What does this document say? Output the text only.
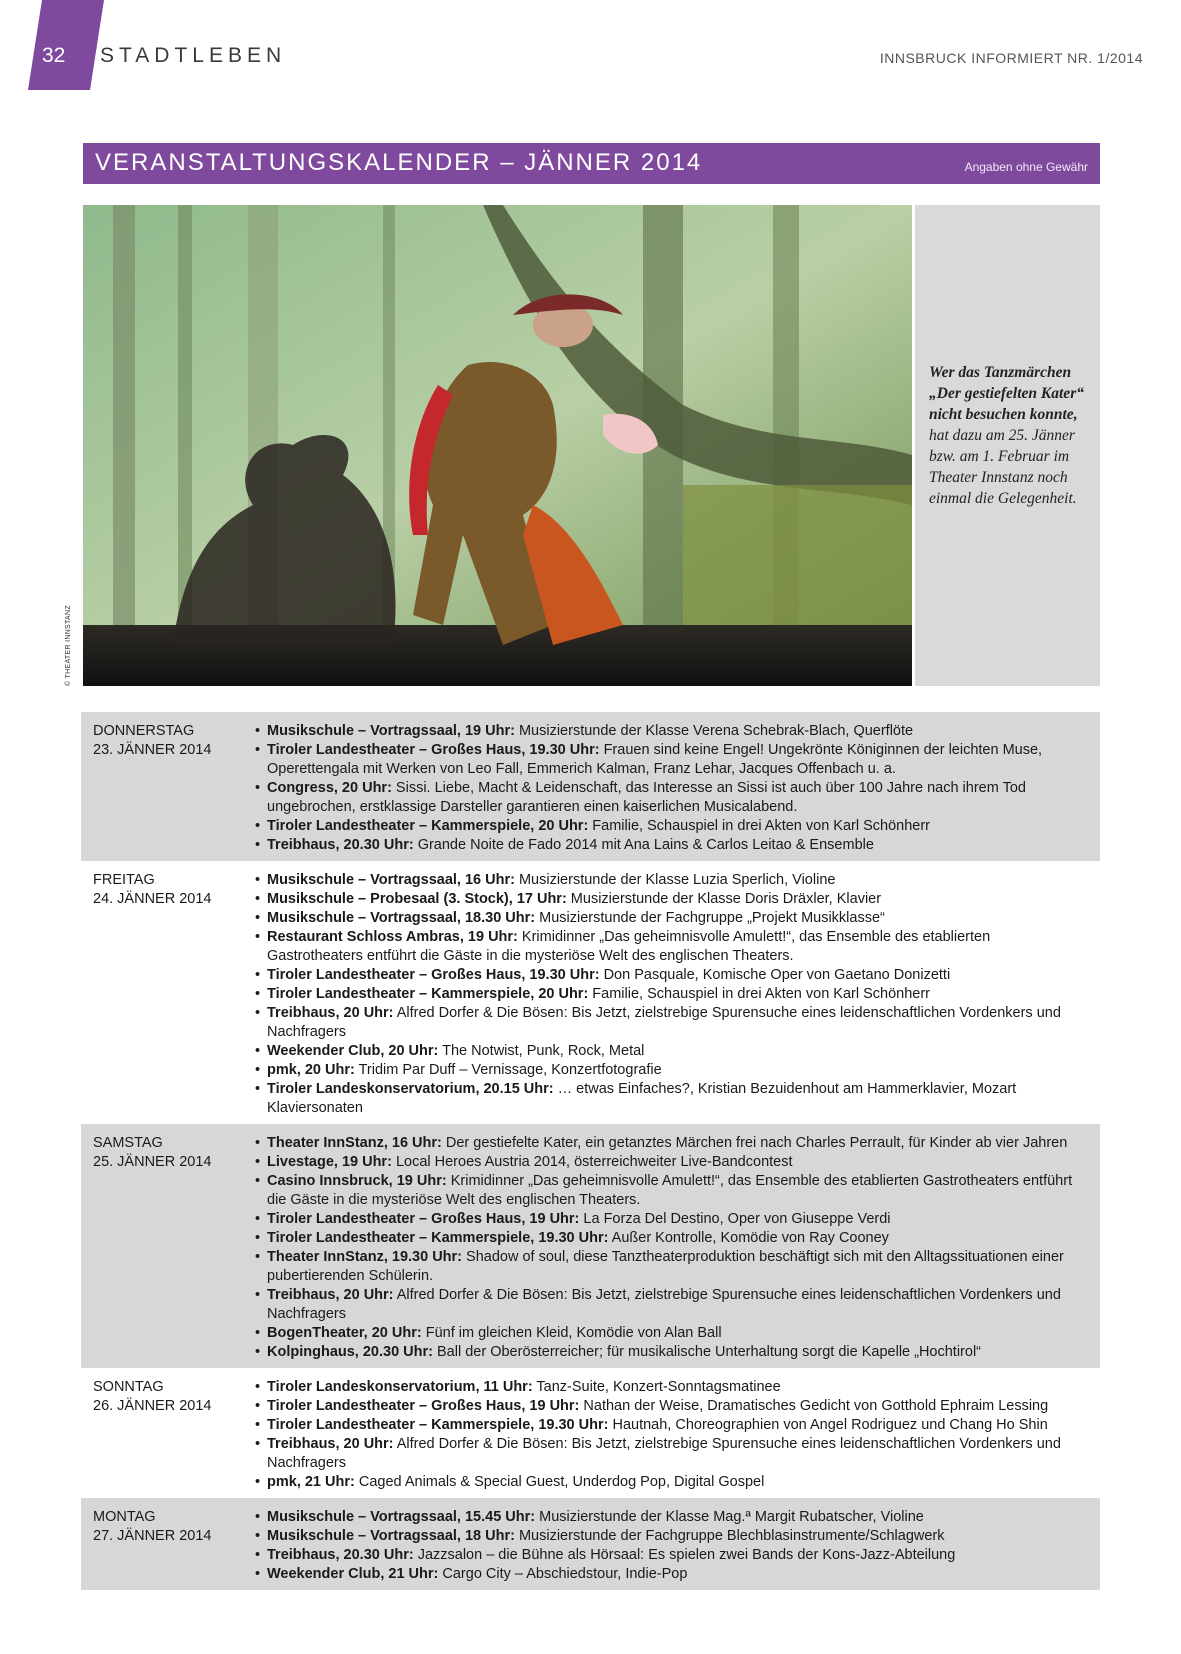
32 STADTLEBEN	INNSBRUCK INFORMIERT NR. 1/2014
VERANSTALTUNGSKALENDER – JÄNNER 2014	Angaben ohne Gewähr
© THEATER INNSTANZ
Wer das Tanzmärchen „Der gestiefelten Kater“ nicht besuchen konnte, hat dazu am 25. Jänner bzw. am 1. Februar im Theater Innstanz noch einmal die Gelegenheit.
DONNERSTAG
23. JÄNNER 2014
• Musikschule – Vortragssaal, 19 Uhr: Musizierstunde der Klasse Verena Schebrak-Blach, Querflöte
• Tiroler Landestheater – Großes Haus, 19.30 Uhr: Frauen sind keine Engel! Ungekrönte Königinnen der leichten Muse, Operettengala mit Werken von Leo Fall, Emmerich Kalman, Franz Lehar, Jacques Offenbach u. a.
• Congress, 20 Uhr: Sissi. Liebe, Macht & Leidenschaft, das Interesse an Sissi ist auch über 100 Jahre nach ihrem Tod ungebrochen, erstklassige Darsteller garantieren einen kaiserlichen Musicalabend.
• Tiroler Landestheater – Kammerspiele, 20 Uhr: Familie, Schauspiel in drei Akten von Karl Schönherr
• Treibhaus, 20.30 Uhr: Grande Noite de Fado 2014 mit Ana Lains & Carlos Leitao & Ensemble
FREITAG
24. JÄNNER 2014
• Musikschule – Vortragssaal, 16 Uhr: Musizierstunde der Klasse Luzia Sperlich, Violine
• Musikschule – Probesaal (3. Stock), 17 Uhr: Musizierstunde der Klasse Doris Dräxler, Klavier
• Musikschule – Vortragssaal, 18.30 Uhr: Musizierstunde der Fachgruppe „Projekt Musikklasse“
• Restaurant Schloss Ambras, 19 Uhr: Krimidinner „Das geheimnisvolle Amulett!“, das Ensemble des etablierten Gastrotheaters entführt die Gäste in die mysteriöse Welt des englischen Theaters.
• Tiroler Landestheater – Großes Haus, 19.30 Uhr: Don Pasquale, Komische Oper von Gaetano Donizetti
• Tiroler Landestheater – Kammerspiele, 20 Uhr: Familie, Schauspiel in drei Akten von Karl Schönherr
• Treibhaus, 20 Uhr: Alfred Dorfer & Die Bösen: Bis Jetzt, zielstrebige Spurensuche eines leidenschaftlichen Vordenkers und Nachfragers
• Weekender Club, 20 Uhr: The Notwist, Punk, Rock, Metal
• pmk, 20 Uhr: Tridim Par Duff – Vernissage, Konzertfotografie
• Tiroler Landeskonservatorium, 20.15 Uhr: … etwas Einfaches?, Kristian Bezuidenhout am Hammerklavier, Mozart Klaviersonaten
SAMSTAG
25. JÄNNER 2014
• Theater InnStanz, 16 Uhr: Der gestiefelte Kater, ein getanztes Märchen frei nach Charles Perrault, für Kinder ab vier Jahren
• Livestage, 19 Uhr: Local Heroes Austria 2014, österreichweiter Live-Bandcontest
• Casino Innsbruck, 19 Uhr: Krimidinner „Das geheimnisvolle Amulett!“, das Ensemble des etablierten Gastrotheaters entführt die Gäste in die mysteriöse Welt des englischen Theaters.
• Tiroler Landestheater – Großes Haus, 19 Uhr: La Forza Del Destino, Oper von Giuseppe Verdi
• Tiroler Landestheater – Kammerspiele, 19.30 Uhr: Außer Kontrolle, Komödie von Ray Cooney
• Theater InnStanz, 19.30 Uhr: Shadow of soul, diese Tanztheaterproduktion beschäftigt sich mit den Alltagssituationen einer pubertierenden Schülerin.
• Treibhaus, 20 Uhr: Alfred Dorfer & Die Bösen: Bis Jetzt, zielstrebige Spurensuche eines leidenschaftlichen Vordenkers und Nachfragers
• BogenTheater, 20 Uhr: Fünf im gleichen Kleid, Komödie von Alan Ball
• Kolpinghaus, 20.30 Uhr: Ball der Oberösterreicher; für musikalische Unterhaltung sorgt die Kapelle „Hochtirol“
SONNTAG
26. JÄNNER 2014
• Tiroler Landeskonservatorium, 11 Uhr: Tanz-Suite, Konzert-Sonntagsmatinee
• Tiroler Landestheater – Großes Haus, 19 Uhr: Nathan der Weise, Dramatisches Gedicht von Gotthold Ephraim Lessing
• Tiroler Landestheater – Kammerspiele, 19.30 Uhr: Hautnah, Choreographien von Angel Rodriguez und Chang Ho Shin
• Treibhaus, 20 Uhr: Alfred Dorfer & Die Bösen: Bis Jetzt, zielstrebige Spurensuche eines leidenschaftlichen Vordenkers und Nachfragers
• pmk, 21 Uhr: Caged Animals & Special Guest, Underdog Pop, Digital Gospel
MONTAG
27. JÄNNER 2014
• Musikschule – Vortragssaal, 15.45 Uhr: Musizierstunde der Klasse Mag.ª Margit Rubatscher, Violine
• Musikschule – Vortragssaal, 18 Uhr: Musizierstunde der Fachgruppe Blechblasinstrumente/Schlagwerk
• Treibhaus, 20.30 Uhr: Jazzsalon – die Bühne als Hörsaal: Es spielen zwei Bands der Kons-Jazz-Abteilung
• Weekender Club, 21 Uhr: Cargo City – Abschiedstour, Indie-Pop
